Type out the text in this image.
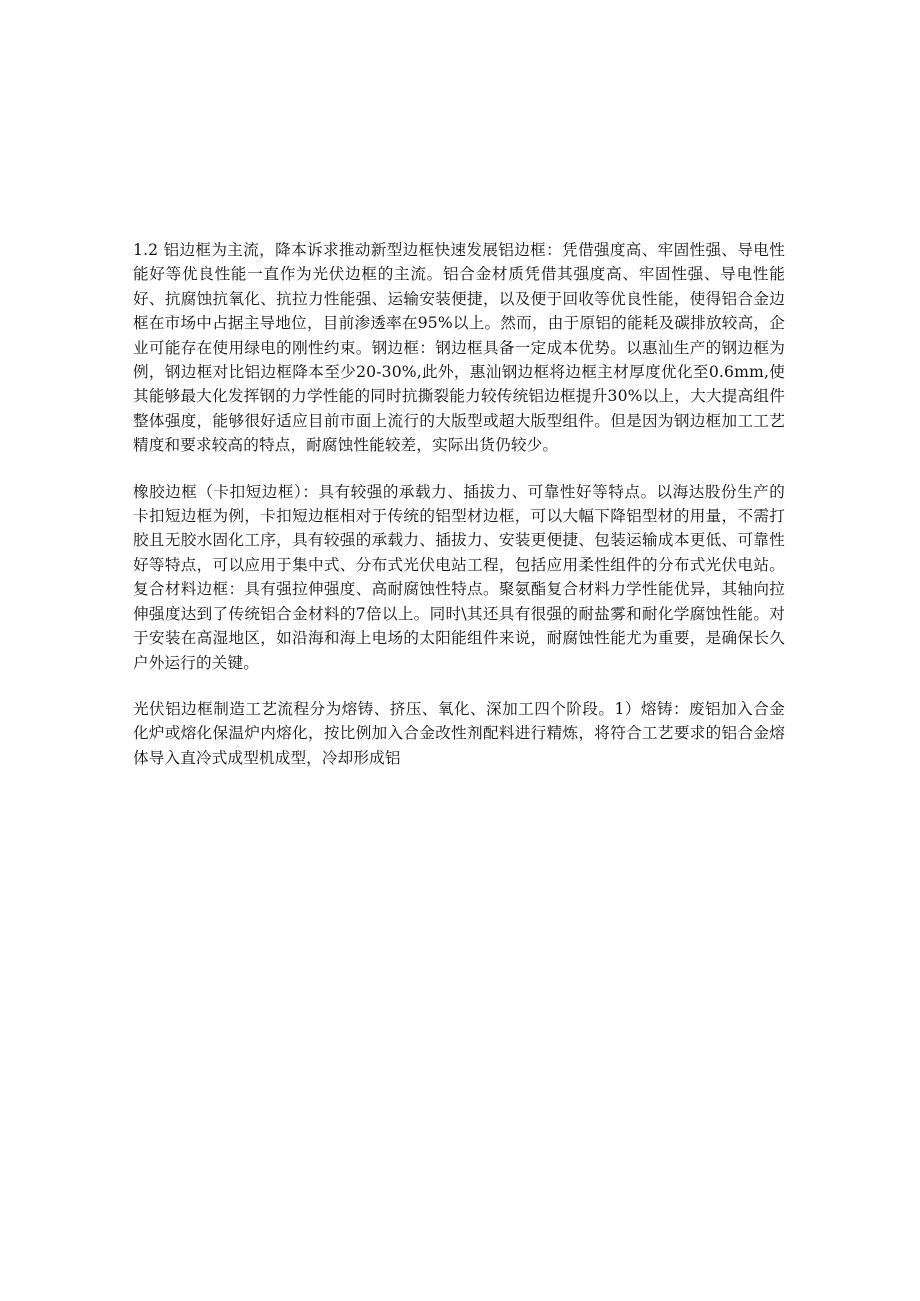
1.2 铝边框为主流，降本诉求推动新型边框快速发展铝边框：凭借强度高、牢固性强、导电性能好等优良性能一直作为光伏边框的主流。铝合金材质凭借其强度高、牢固性强、导电性能好、抗腐蚀抗氧化、抗拉力性能强、运输安装便捷，以及便于回收等优良性能，使得铝合金边框在市场中占据主导地位，目前渗透率在95%以上。然而，由于原铝的能耗及碳排放较高，企业可能存在使用绿电的刚性约束。钢边框：钢边框具备一定成本优势。以惠汕生产的钢边框为例，钢边框对比铝边框降本至少20-30%,此外，惠汕钢边框将边框主材厚度优化至0.6mm,使其能够最大化发挥钢的力学性能的同时抗撕裂能力较传统铝边框提升30%以上，大大提高组件整体强度，能够很好适应目前市面上流行的大版型或超大版型组件。但是因为钢边框加工工艺精度和要求较高的特点，耐腐蚀性能较差，实际出货仍较少。

橡胶边框（卡扣短边框）：具有较强的承载力、插拔力、可靠性好等特点。以海达股份生产的卡扣短边框为例，卡扣短边框相对于传统的铝型材边框，可以大幅下降铝型材的用量，不需打胶且无胶水固化工序，具有较强的承载力、插拔力、安装更便捷、包装运输成本更低、可靠性好等特点，可以应用于集中式、分布式光伏电站工程，包括应用柔性组件的分布式光伏电站。复合材料边框：具有强拉伸强度、高耐腐蚀性特点。聚氨酯复合材料力学性能优异，其轴向拉伸强度达到了传统铝合金材料的7倍以上。同时\其还具有很强的耐盐雾和耐化学腐蚀性能。对于安装在高湿地区，如沿海和海上电场的太阳能组件来说，耐腐蚀性能尤为重要，是确保长久户外运行的关键。

光伏铝边框制造工艺流程分为熔铸、挤压、氧化、深加工四个阶段。1）熔铸：废铝加入合金化炉或熔化保温炉内熔化，按比例加入合金改性剂配料进行精炼，将符合工艺要求的铝合金熔体导入直冷式成型机成型，冷却形成铝
